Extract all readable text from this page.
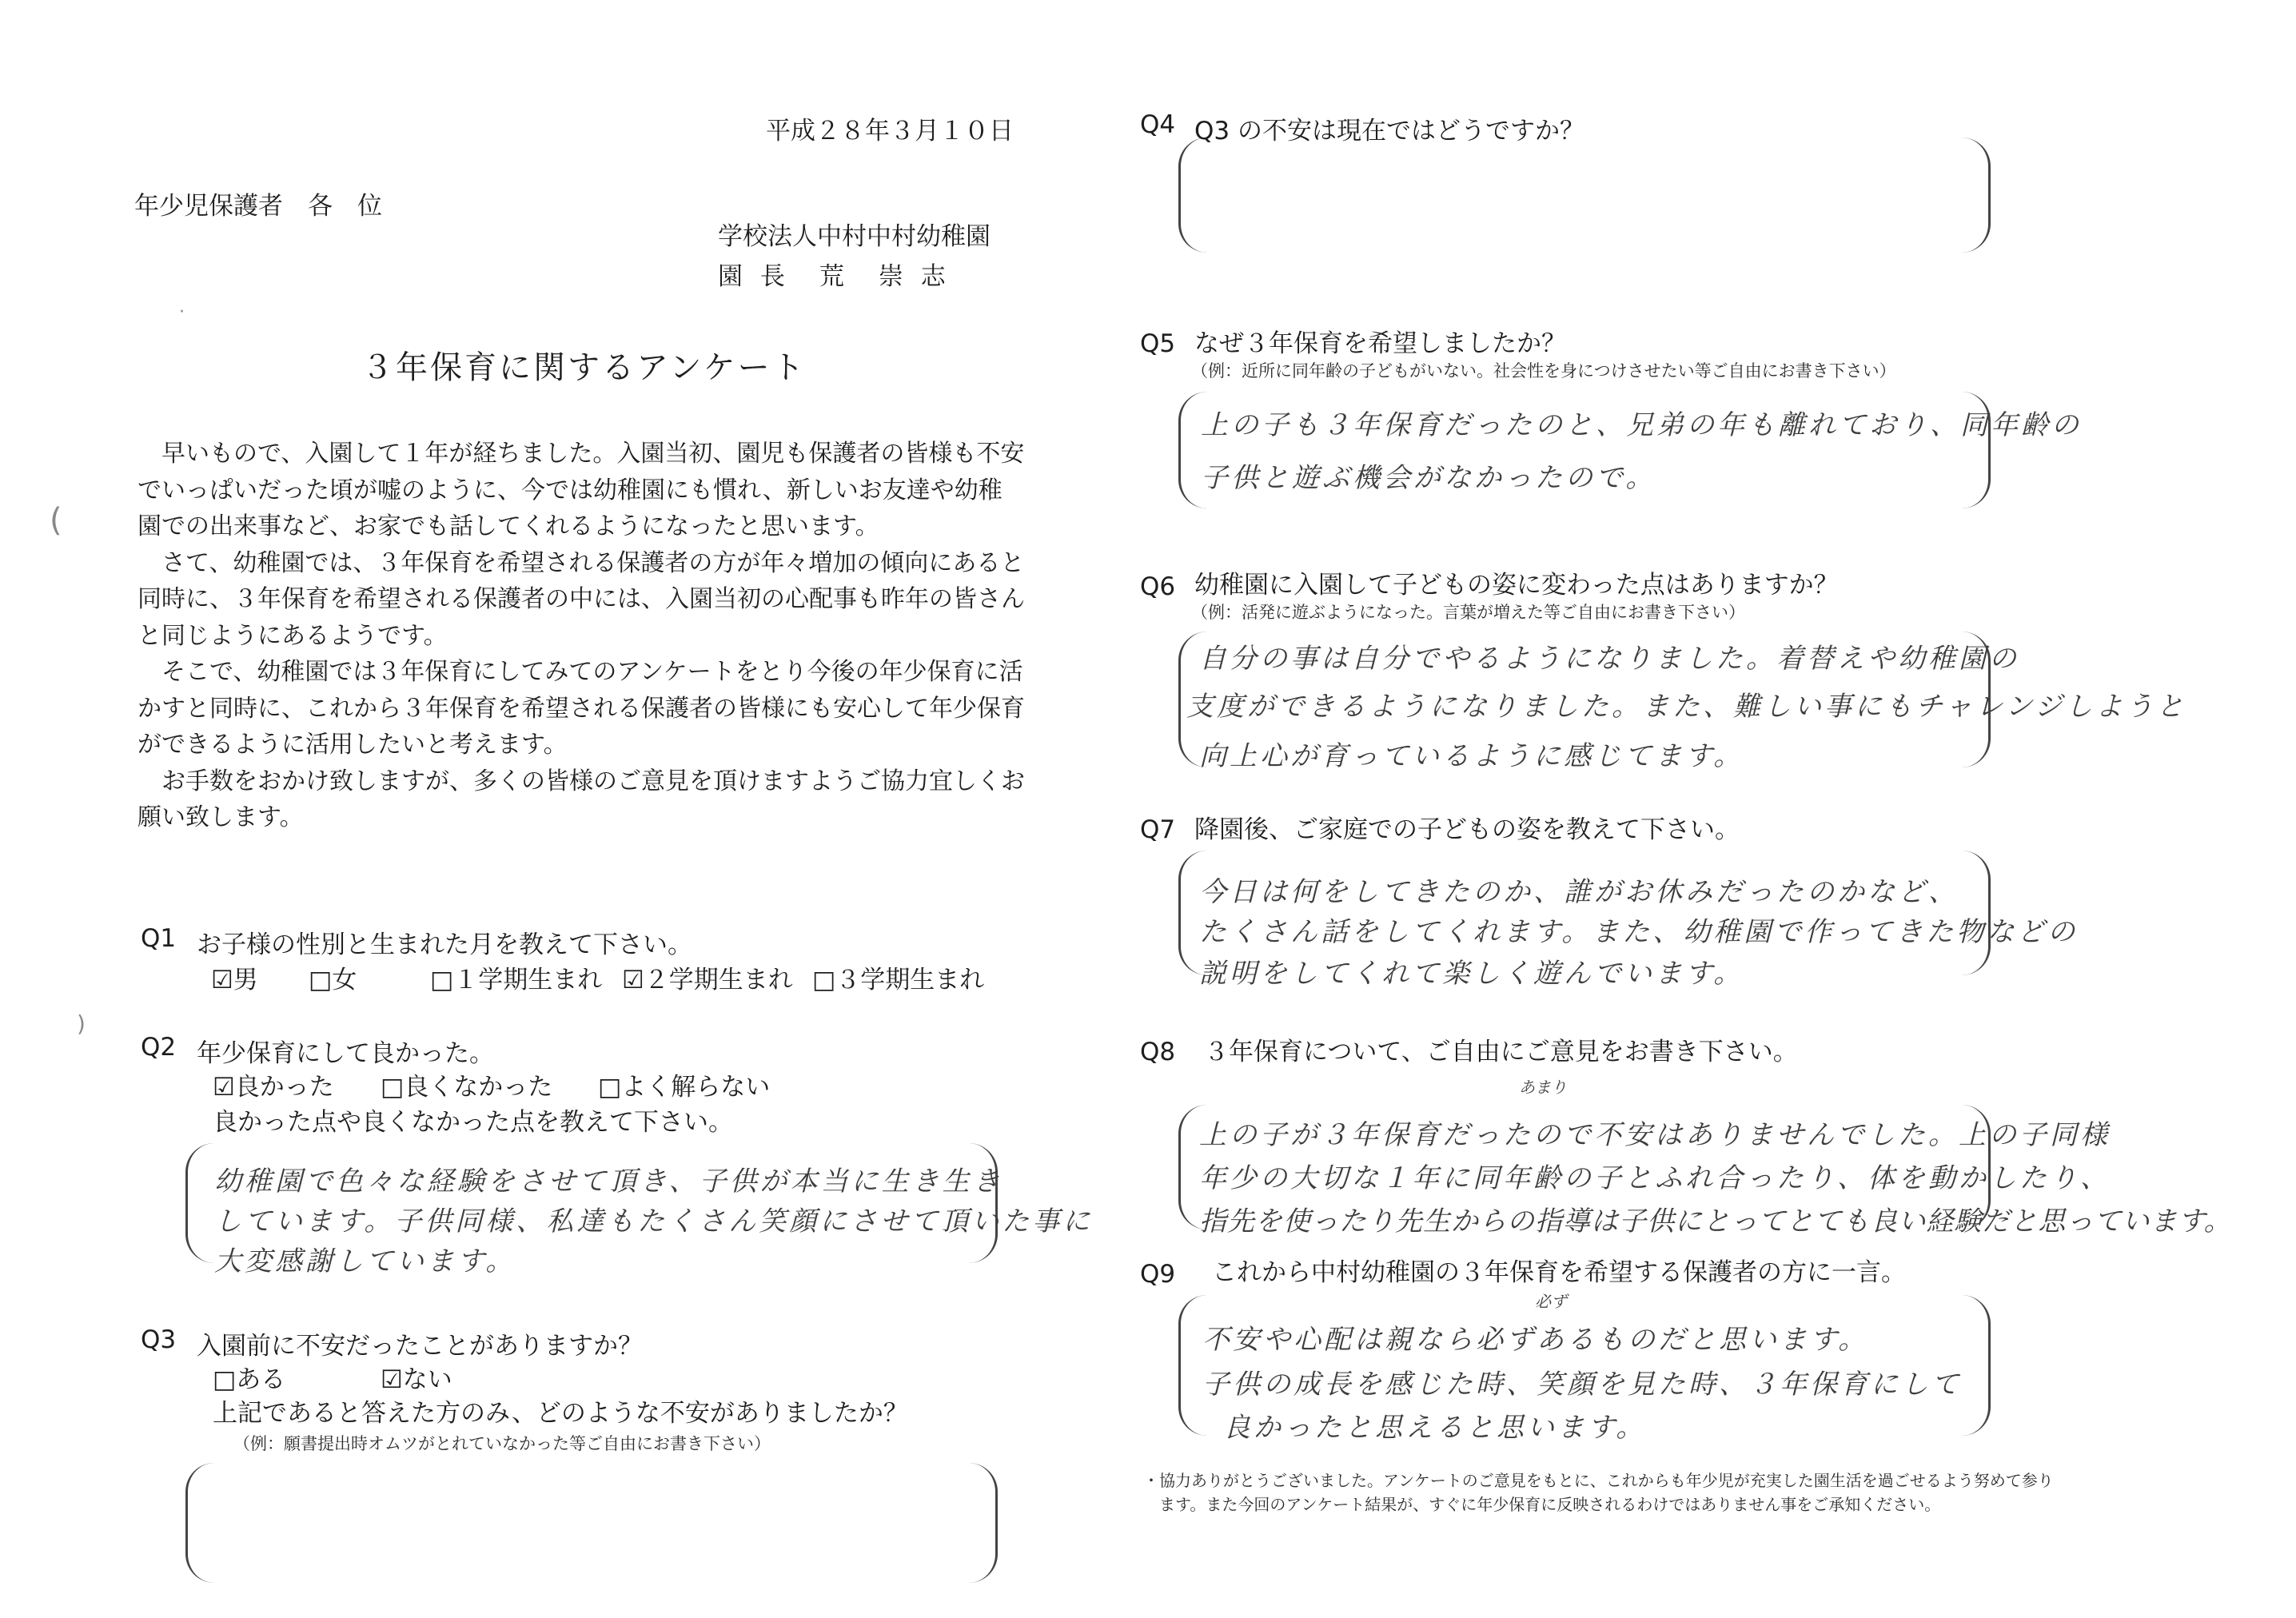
平成２８年３月１０日
年少児保護者　各　位
学校法人中村中村幼稚園
園 長　荒　崇 志
３年保育に関するアンケート

早いもので、入園して１年が経ちました。入園当初、園児も保護者の皆様も不安でいっぱいだった頃が嘘のように、今では幼稚園にも慣れ、新しいお友達や幼稚園での出来事など、お家でも話してくれるようになったと思います。

さて、幼稚園では、３年保育を希望される保護者の方が年々増加の傾向にあると同時に、３年保育を希望される保護者の中には、入園当初の心配事も昨年の皆さんと同じようにあるようです。

そこで、幼稚園では３年保育にしてみてのアンケートをとり今後の年少保育に活かすと同時に、これから３年保育を希望される保護者の皆様にも安心して年少保育ができるように活用したいと考えます。

お手数をおかけ致しますが、多くの皆様のご意見を頂けますようご協力宜しくお願い致します。

Q1 お子様の性別と生まれた月を教えて下さい。
☑男 □女	□１学期生まれ ☑２学期生まれ □３学期生まれ
Q2 年少保育にして良かった。
☑良かった □良くなかった □よく解らない
良かった点や良くなかった点を教えて下さい。
幼稚園で色々な経験をさせて頂き、子供が本当に生き生き
しています。子供同様、私達もたくさん笑顔にさせて頂いた事に
大変感謝しています。
Q3 入園前に不安だったことがありますか？
□ある	☑ない
上記であると答えた方のみ、どのような不安がありましたか？
（例：願書提出時オムツがとれていなかった等ご自由にお書き下さい）
Q4 Q3 の不安は現在ではどうですか？
Q5 なぜ３年保育を希望しましたか？
（例：近所に同年齢の子どもがいない。社会性を身につけさせたい等ご自由にお書き下さい）
上の子も３年保育だったのと、兄弟の年も離れており、同年齢の
子供と遊ぶ機会がなかったので。
Q6 幼稚園に入園して子どもの姿に変わった点はありますか？
（例：活発に遊ぶようになった。言葉が増えた等ご自由にお書き下さい）
自分の事は自分でやるようになりました。着替えや幼稚園の
支度ができるようになりました。また、難しい事にもチャレンジしようと
向上心が育っているように感じてます。
Q7 降園後、ご家庭での子どもの姿を教えて下さい。
今日は何をしてきたのか、誰がお休みだったのかなど、
たくさん話をしてくれます。また、幼稚園で作ってきた物などの
説明をしてくれて楽しく遊んでいます。
Q8 ３年保育について、ご自由にご意見をお書き下さい。
あまり
上の子が３年保育だったので不安はありませんでした。上の子同様
年少の大切な１年に同年齢の子とふれ合ったり、体を動かしたり、
指先を使ったり先生からの指導は子供にとってとても良い経験だと思っています。
Q9 これから中村幼稚園の３年保育を希望する保護者の方に一言。
必ず
不安や心配は親なら必ずあるものだと思います。
子供の成長を感じた時、笑顔を見た時、３年保育にして
良かったと思えると思います。
・協力ありがとうございました。アンケートのご意見をもとに、これからも年少児が充実した園生活を過ごせるよう努めて参り
ます。また今回のアンケート結果が、すぐに年少保育に反映されるわけではありません事をご承知ください。
·
(
)
